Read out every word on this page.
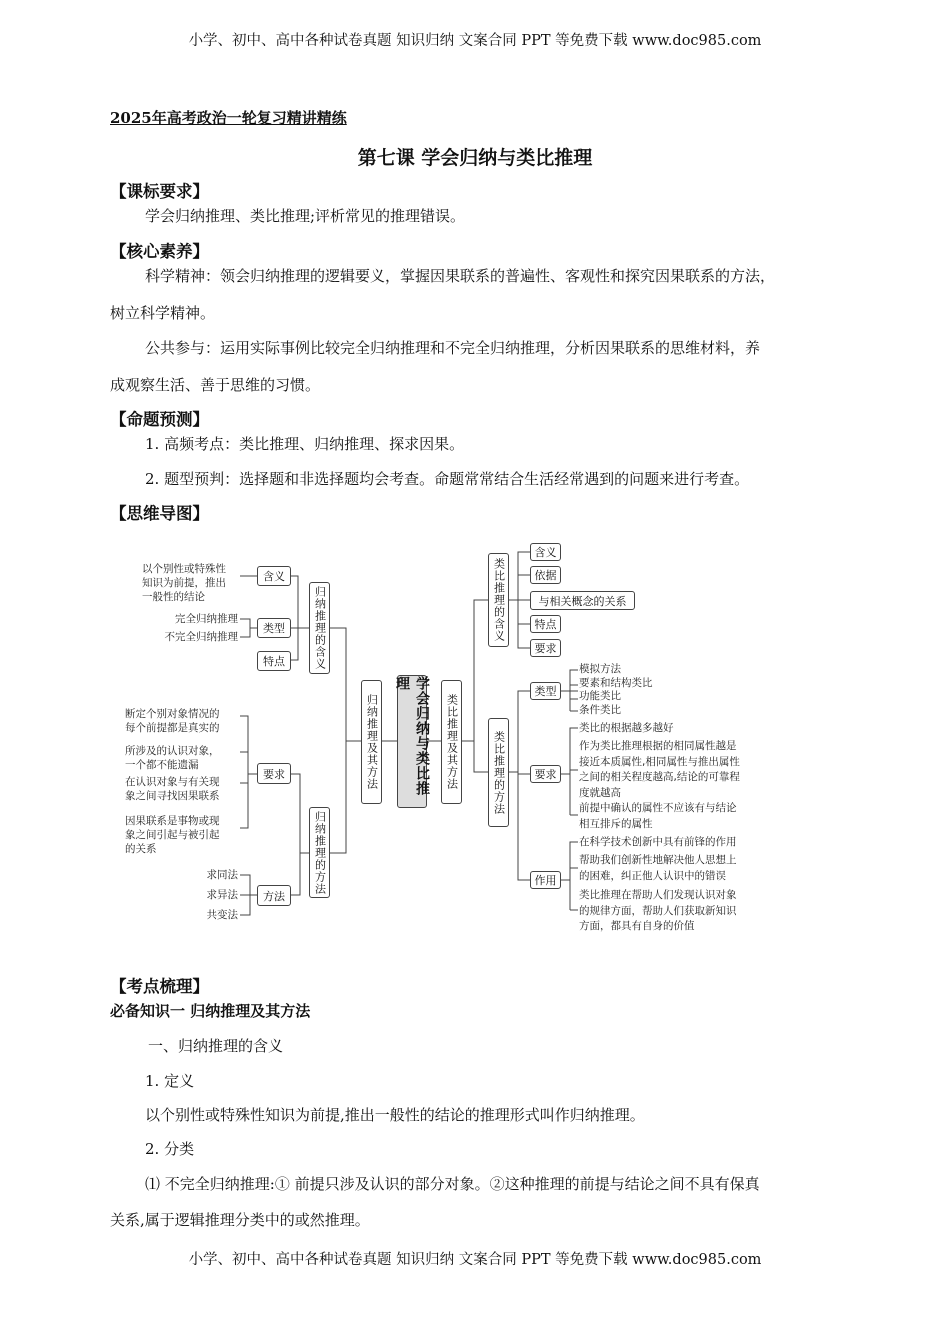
小学、初中、高中各种试卷真题 知识归纳 文案合同 PPT 等免费下载 www.doc985.com
2025年高考政治一轮复习精讲精练
第七课 学会归纳与类比推理
【课标要求】
学会归纳推理、类比推理;评析常见的推理错误。
【核心素养】
科学精神：领会归纳推理的逻辑要义，掌握因果联系的普遍性、客观性和探究因果联系的方法，
树立科学精神。
公共参与：运用实际事例比较完全归纳推理和不完全归纳推理，分析因果联系的思维材料，养
成观察生活、善于思维的习惯。
【命题预测】
1. 高频考点：类比推理、归纳推理、探求因果。
2. 题型预判：选择题和非选择题均会考查。命题常常结合生活经常遇到的问题来进行考查。
【思维导图】
学会归纳与类比推理
归纳推理及其方法	类比推理及其方法
归纳推理的含义
含义
以个别性或特殊性
知识为前提，推出
一般性的结论
类型
完全归纳推理
不完全归纳推理
特点
归纳推理的方法
要求
断定个别对象情况的
每个前提都是真实的
所涉及的认识对象，
一个都不能遗漏
在认识对象与有关现
象之间寻找因果联系
因果联系是事物或现
象之间引起与被引起
的关系
方法
求同法
求异法
共变法
类比推理的含义
含义
依据
与相关概念的关系
特点
要求
类比推理的方法
类型
模拟方法
要素和结构类比
功能类比
条件类比
要求
类比的根据越多越好
作为类比推理根据的相同属性越是
接近本质属性,相同属性与推出属性
之间的相关程度越高,结论的可靠程
度就越高
前提中确认的属性不应该有与结论
相互排斥的属性
作用
在科学技术创新中具有前锋的作用
帮助我们创新性地解决他人思想上
的困难，纠正他人认识中的错误
类比推理在帮助人们发现认识对象
的规律方面，帮助人们获取新知识
方面，都具有自身的价值
【考点梳理】
必备知识一 归纳推理及其方法
一、归纳推理的含义
1. 定义
以个别性或特殊性知识为前提,推出一般性的结论的推理形式叫作归纳推理。
2. 分类
⑴ 不完全归纳推理:① 前提只涉及认识的部分对象。②这种推理的前提与结论之间不具有保真
关系,属于逻辑推理分类中的或然推理。
小学、初中、高中各种试卷真题 知识归纳 文案合同 PPT 等免费下载 www.doc985.com
